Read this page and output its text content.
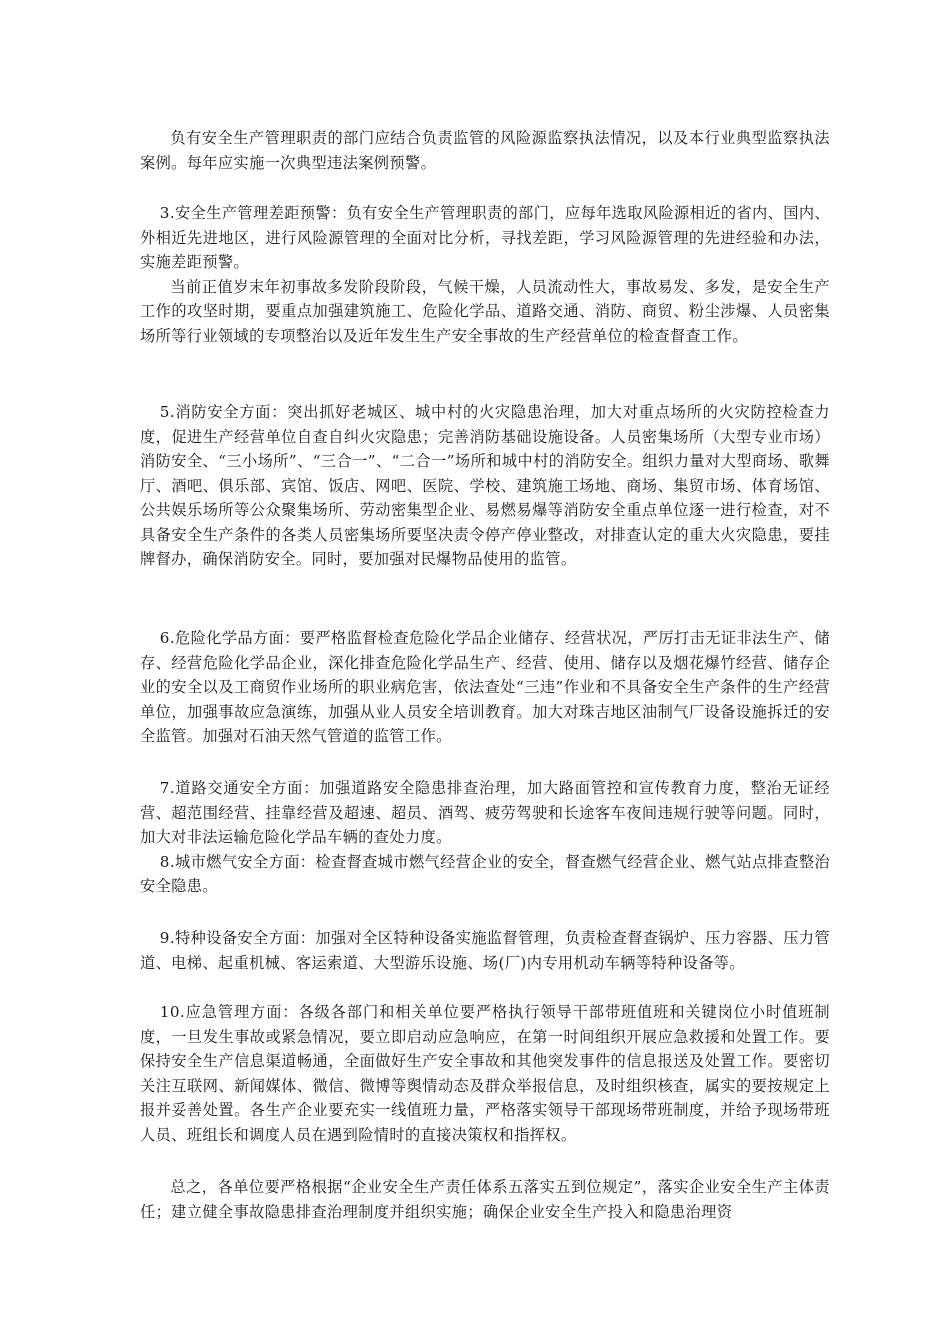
负有安全生产管理职责的部门应结合负责监管的风险源监察执法情况，以及本行业典型监察执法案例。每年应实施一次典型违法案例预警。

3.安全生产管理差距预警：负有安全生产管理职责的部门，应每年选取风险源相近的省内、国内、外相近先进地区，进行风险源管理的全面对比分析，寻找差距，学习风险源管理的先进经验和办法，实施差距预警。

当前正值岁末年初事故多发阶段阶段，气候干燥，人员流动性大，事故易发、多发，是安全生产工作的攻坚时期，要重点加强建筑施工、危险化学品、道路交通、消防、商贸、粉尘涉爆、人员密集场所等行业领域的专项整治以及近年发生生产安全事故的生产经营单位的检查督查工作。

5.消防安全方面：突出抓好老城区、城中村的火灾隐患治理，加大对重点场所的火灾防控检查力度，促进生产经营单位自查自纠火灾隐患；完善消防基础设施设备。人员密集场所（大型专业市场）消防安全、“三小场所”、“三合一”、“二合一”场所和城中村的消防安全。组织力量对大型商场、歌舞厅、酒吧、俱乐部、宾馆、饭店、网吧、医院、学校、建筑施工场地、商场、集贸市场、体育场馆、公共娱乐场所等公众聚集场所、劳动密集型企业、易燃易爆等消防安全重点单位逐一进行检查，对不具备安全生产条件的各类人员密集场所要坚决责令停产停业整改，对排查认定的重大火灾隐患，要挂牌督办，确保消防安全。同时，要加强对民爆物品使用的监管。

6.危险化学品方面：要严格监督检查危险化学品企业储存、经营状况，严厉打击无证非法生产、储存、经营危险化学品企业，深化排查危险化学品生产、经营、使用、储存以及烟花爆竹经营、储存企业的安全以及工商贸作业场所的职业病危害，依法查处“三违”作业和不具备安全生产条件的生产经营单位，加强事故应急演练，加强从业人员安全培训教育。加大对珠吉地区油制气厂设备设施拆迁的安全监管。加强对石油天然气管道的监管工作。

7.道路交通安全方面：加强道路安全隐患排查治理，加大路面管控和宣传教育力度，整治无证经营、超范围经营、挂靠经营及超速、超员、酒驾、疲劳驾驶和长途客车夜间违规行驶等问题。同时，加大对非法运输危险化学品车辆的查处力度。

8.城市燃气安全方面：检查督查城市燃气经营企业的安全，督查燃气经营企业、燃气站点排查整治安全隐患。

9.特种设备安全方面：加强对全区特种设备实施监督管理，负责检查督查锅炉、压力容器、压力管道、电梯、起重机械、客运索道、大型游乐设施、场(厂)内专用机动车辆等特种设备等。

10.应急管理方面：各级各部门和相关单位要严格执行领导干部带班值班和关键岗位小时值班制度，一旦发生事故或紧急情况，要立即启动应急响应，在第一时间组织开展应急救援和处置工作。要保持安全生产信息渠道畅通，全面做好生产安全事故和其他突发事件的信息报送及处置工作。要密切关注互联网、新闻媒体、微信、微博等舆情动态及群众举报信息，及时组织核查，属实的要按规定上报并妥善处置。各生产企业要充实一线值班力量，严格落实领导干部现场带班制度，并给予现场带班人员、班组长和调度人员在遇到险情时的直接决策权和指挥权。

总之，各单位要严格根据“企业安全生产责任体系五落实五到位规定”，落实企业安全生产主体责任；建立健全事故隐患排查治理制度并组织实施；确保企业安全生产投入和隐患治理资
